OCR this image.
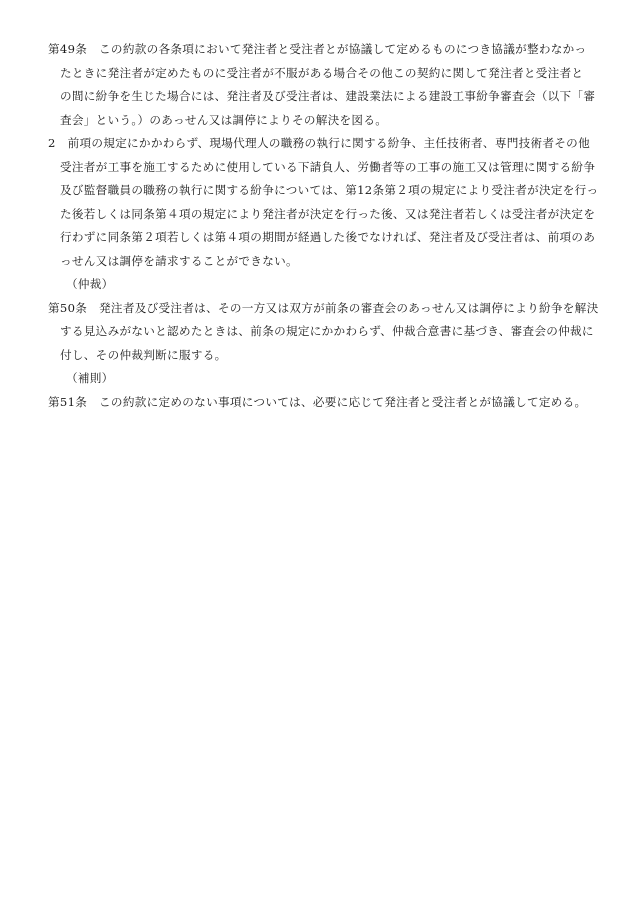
第49条　この約款の各条項において発注者と受注者とが協議して定めるものにつき協議が整わなかっ
たときに発注者が定めたものに受注者が不服がある場合その他この契約に関して発注者と受注者と
の間に紛争を生じた場合には、発注者及び受注者は、建設業法による建設工事紛争審査会（以下「審
査会」という。）のあっせん又は調停によりその解決を図る。
2　前項の規定にかかわらず、現場代理人の職務の執行に関する紛争、主任技術者、専門技術者その他
受注者が工事を施工するために使用している下請負人、労働者等の工事の施工又は管理に関する紛争
及び監督職員の職務の執行に関する紛争については、第12条第２項の規定により受注者が決定を行っ
た後若しくは同条第４項の規定により発注者が決定を行った後、又は発注者若しくは受注者が決定を
行わずに同条第２項若しくは第４項の期間が経過した後でなければ、発注者及び受注者は、前項のあ
っせん又は調停を請求することができない。
（仲裁）
第50条　発注者及び受注者は、その一方又は双方が前条の審査会のあっせん又は調停により紛争を解決
する見込みがないと認めたときは、前条の規定にかかわらず、仲裁合意書に基づき、審査会の仲裁に
付し、その仲裁判断に服する。
（補則）
第51条　この約款に定めのない事項については、必要に応じて発注者と受注者とが協議して定める。
